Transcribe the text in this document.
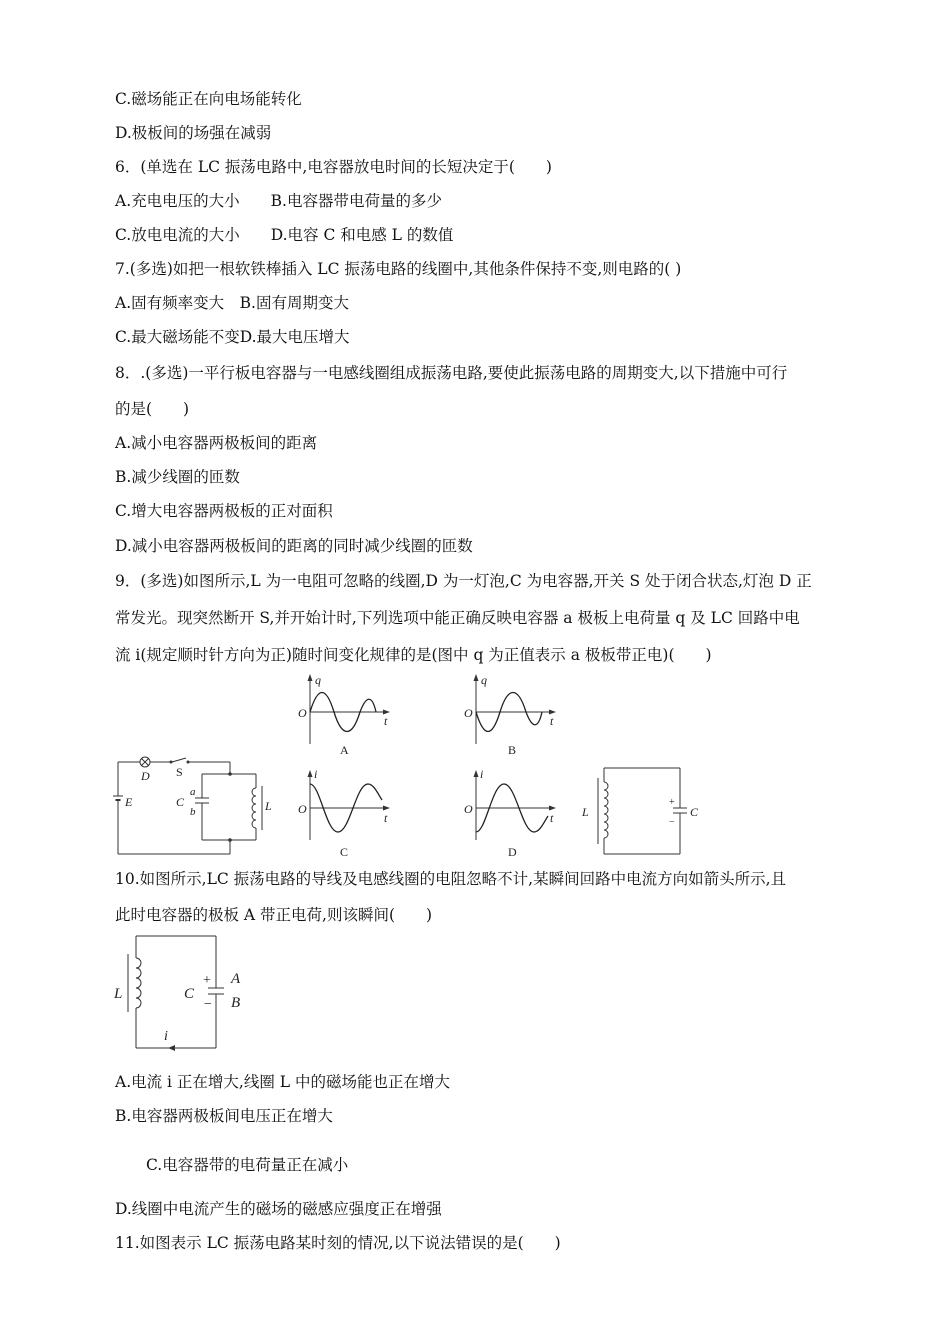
C.磁场能正在向电场能转化
D.极板间的场强在减弱
6．(单选在 LC 振荡电路中,电容器放电时间的长短决定于(　　)
A.充电电压的大小　　B.电容器带电荷量的多少
C.放电电流的大小　　D.电容 C 和电感 L 的数值
7.(多选)如把一根软铁棒插入 LC 振荡电路的线圈中,其他条件保持不变,则电路的( )
A.固有频率变大　B.固有周期变大
C.最大磁场能不变D.最大电压增大
8．.(多选)一平行板电容器与一电感线圈组成振荡电路,要使此振荡电路的周期变大,以下措施中可行
的是(　　)
A.减小电容器两极板间的距离
B.减少线圈的匝数
C.增大电容器两极板的正对面积
D.减小电容器两极板间的距离的同时减少线圈的匝数
9．(多选)如图所示,L 为一电阻可忽略的线圈,D 为一灯泡,C 为电容器,开关 S 处于闭合状态,灯泡 D 正
常发光。现突然断开 S,并开始计时,下列选项中能正确反映电容器 a 极板上电荷量 q 及 LC 回路中电
流 i(规定顺时针方向为正)随时间变化规律的是(图中 q 为正值表示 a 极板带正电)(　　)
q
t
O
A
q
t
O
B
D S
E	C
a
b	L
i
t
O
C
i
t
O
D
L	C
+
−
10.如图所示,LC 振荡电路的导线及电感线圈的电阻忽略不计,某瞬间回路中电流方向如箭头所示,且
此时电容器的极板 A 带正电荷,则该瞬间(　　)
L	C
A
B
+
−
i
A.电流 i 正在增大,线圈 L 中的磁场能也正在增大
B.电容器两极板间电压正在增大
C.电容器带的电荷量正在减小
D.线圈中电流产生的磁场的磁感应强度正在增强
11.如图表示 LC 振荡电路某时刻的情况,以下说法错误的是(　　)
